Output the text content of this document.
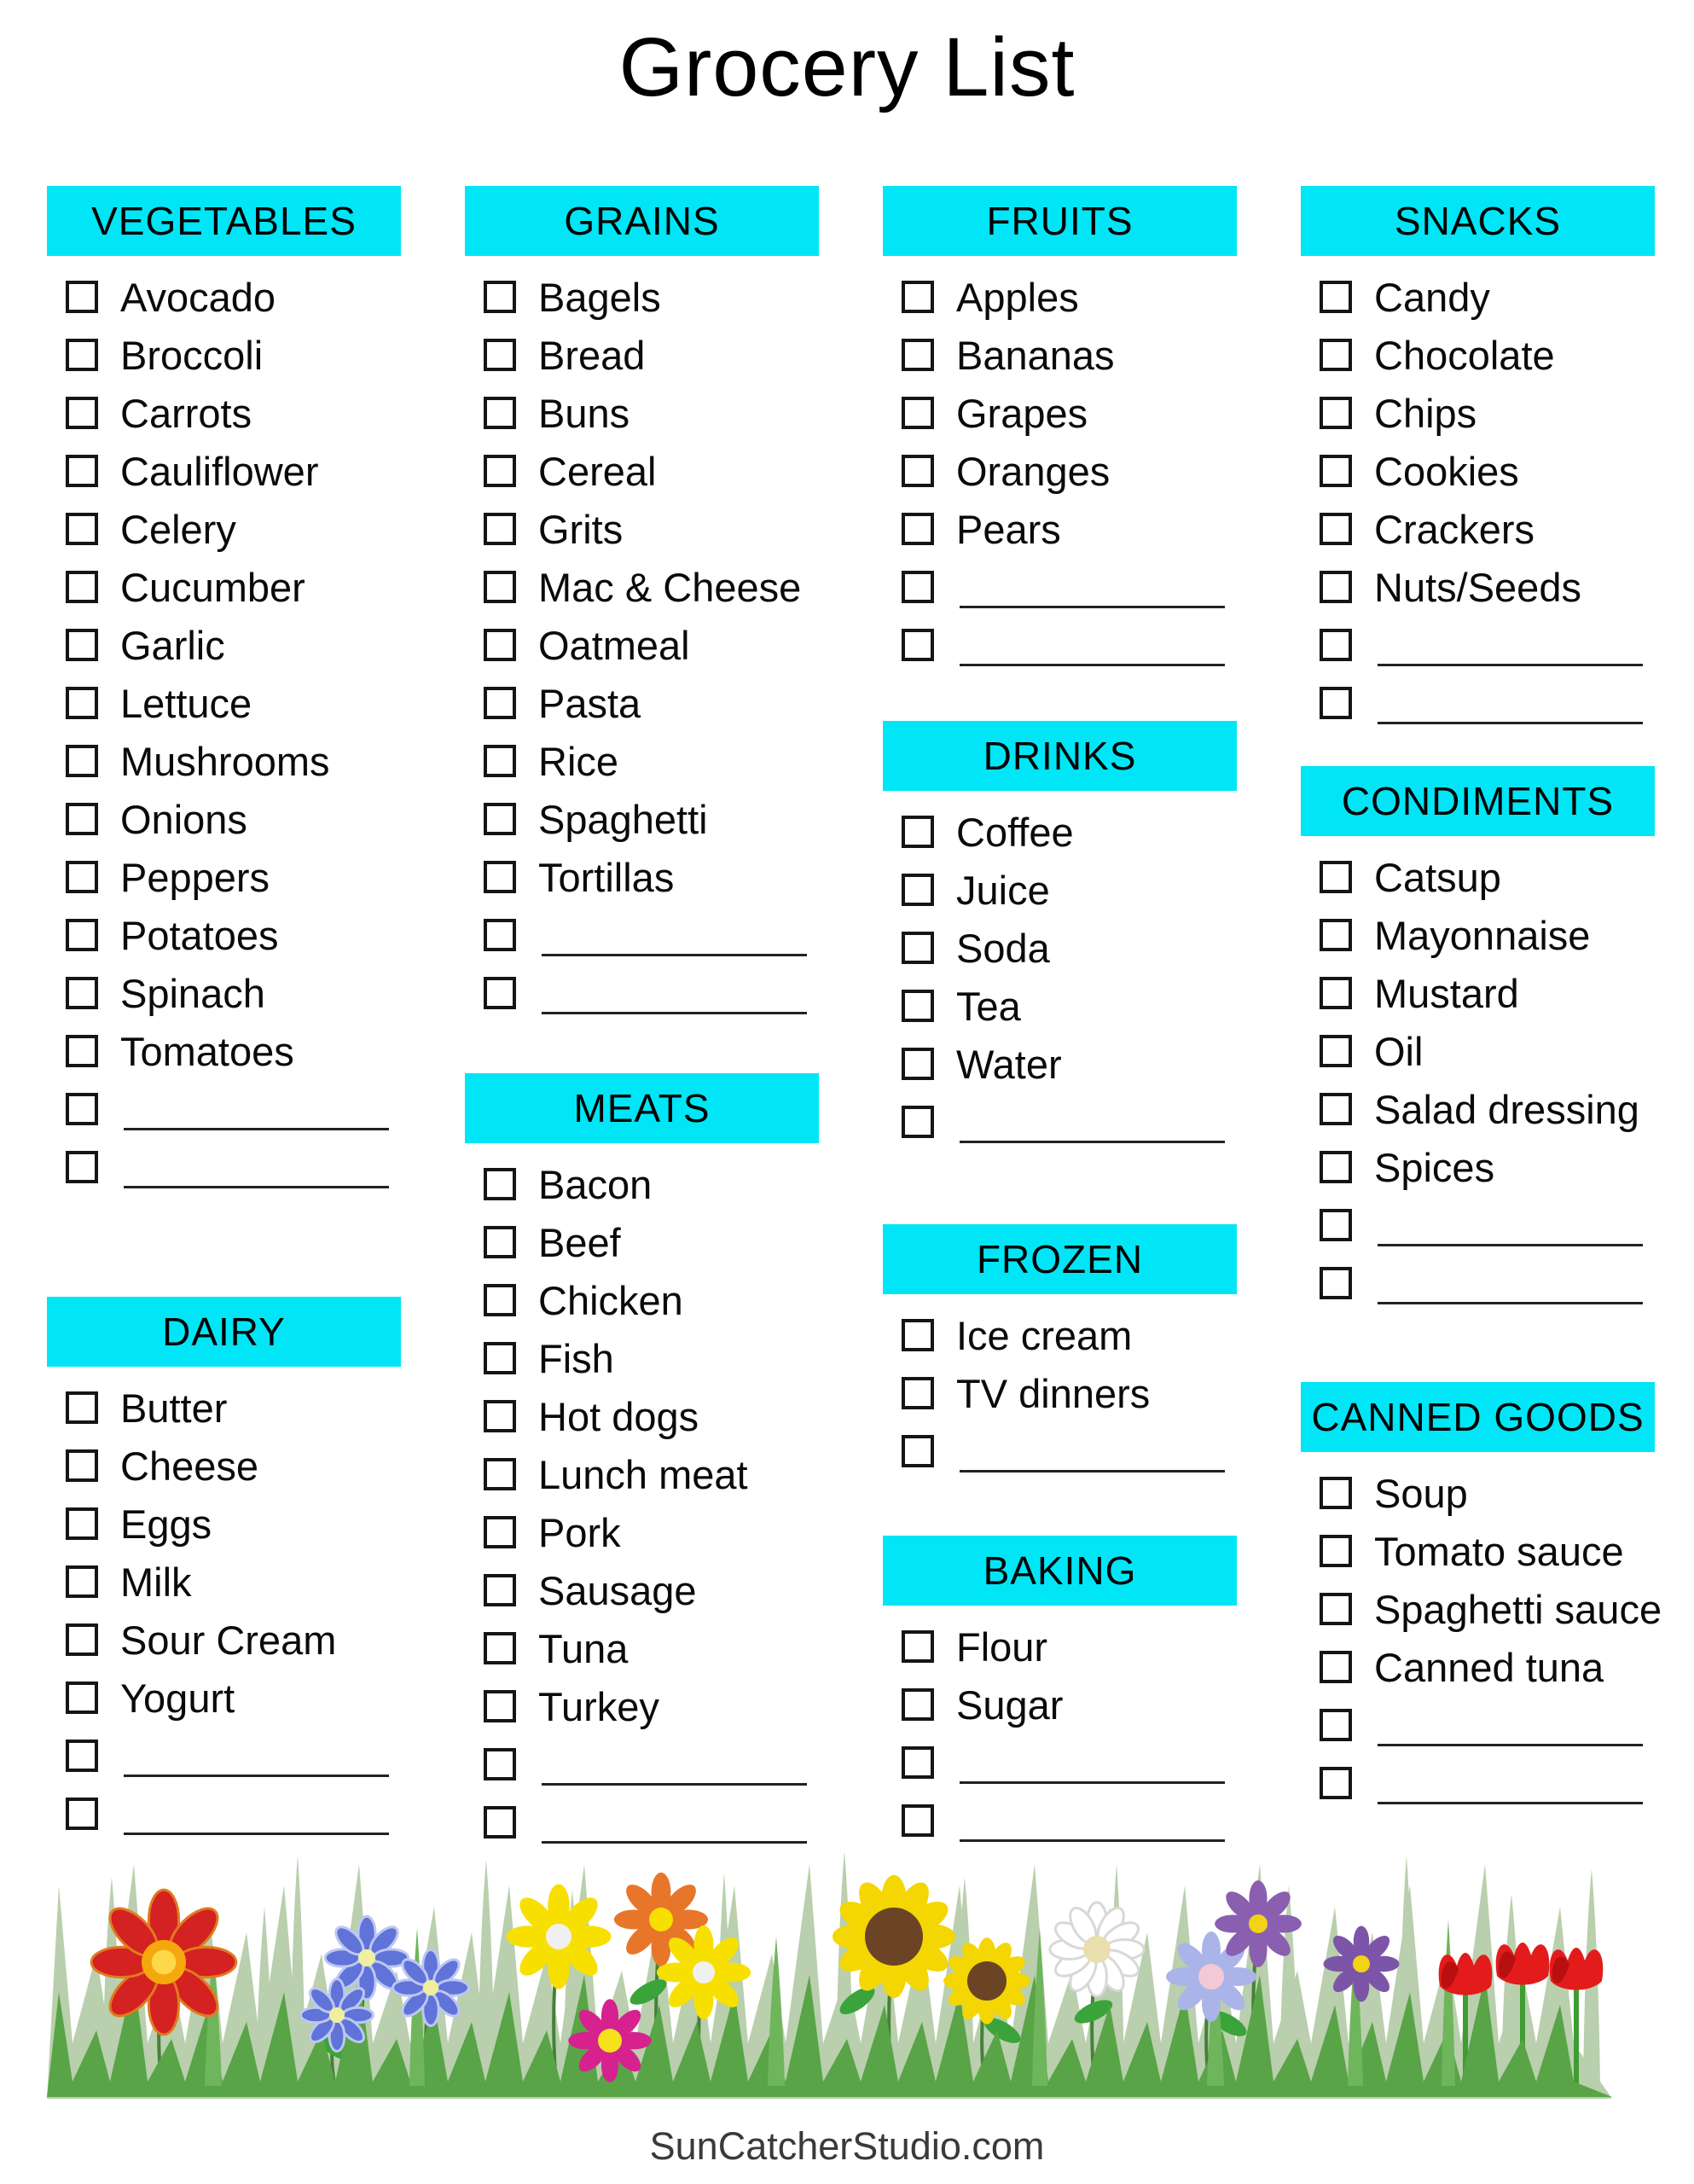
Grocery List
VEGETABLES
Avocado
Broccoli
Carrots
Cauliflower
Celery
Cucumber
Garlic
Lettuce
Mushrooms
Onions
Peppers
Potatoes
Spinach
Tomatoes
DAIRY
Butter
Cheese
Eggs
Milk
Sour Cream
Yogurt
GRAINS
Bagels
Bread
Buns
Cereal
Grits
Mac & Cheese
Oatmeal
Pasta
Rice
Spaghetti
Tortillas
MEATS
Bacon
Beef
Chicken
Fish
Hot dogs
Lunch meat
Pork
Sausage
Tuna
Turkey
FRUITS
Apples
Bananas
Grapes
Oranges
Pears
DRINKS
Coffee
Juice
Soda
Tea
Water
FROZEN
Ice cream
TV dinners
BAKING
Flour
Sugar
SNACKS
Candy
Chocolate
Chips
Cookies
Crackers
Nuts/Seeds
CONDIMENTS
Catsup
Mayonnaise
Mustard
Oil
Salad dressing
Spices
CANNED GOODS
Soup
Tomato sauce
Spaghetti sauce
Canned tuna
SunCatcherStudio.com
